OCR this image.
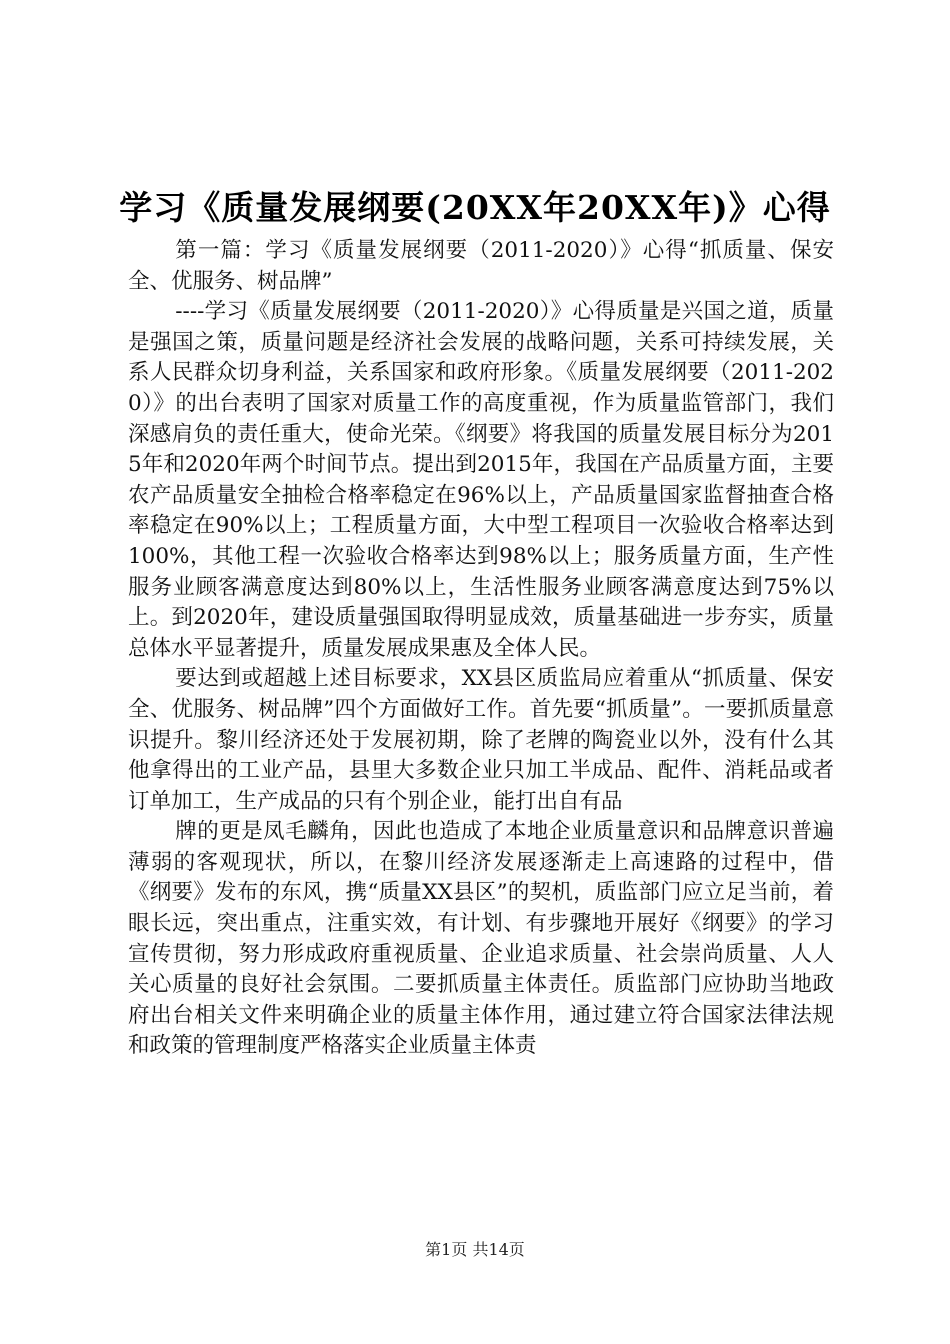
学习《质量发展纲要(20XX年20XX年)》心得

第一篇：学习《质量发展纲要（2011-2020）》心得“抓质量、保安全、优服务、树品牌”

----学习《质量发展纲要（2011-2020）》心得质量是兴国之道，质量是强国之策，质量问题是经济社会发展的战略问题，关系可持续发展，关系人民群众切身利益，关系国家和政府形象。《质量发展纲要（2011-2020）》的出台表明了国家对质量工作的高度重视，作为质量监管部门，我们深感肩负的责任重大，使命光荣。《纲要》将我国的质量发展目标分为2015年和2020年两个时间节点。提出到2015年，我国在产品质量方面，主要农产品质量安全抽检合格率稳定在96%以上，产品质量国家监督抽查合格率稳定在90%以上；工程质量方面，大中型工程项目一次验收合格率达到100%，其他工程一次验收合格率达到98%以上；服务质量方面，生产性服务业顾客满意度达到80%以上，生活性服务业顾客满意度达到75%以上。到2020年，建设质量强国取得明显成效，质量基础进一步夯实，质量总体水平显著提升，质量发展成果惠及全体人民。

要达到或超越上述目标要求，XX县区质监局应着重从“抓质量、保安全、优服务、树品牌”四个方面做好工作。首先要“抓质量”。一要抓质量意识提升。黎川经济还处于发展初期，除了老牌的陶瓷业以外，没有什么其他拿得出的工业产品，县里大多数企业只加工半成品、配件、消耗品或者订单加工，生产成品的只有个别企业，能打出自有品

牌的更是凤毛麟角，因此也造成了本地企业质量意识和品牌意识普遍薄弱的客观现状，所以，在黎川经济发展逐渐走上高速路的过程中，借《纲要》发布的东风，携“质量XX县区”的契机，质监部门应立足当前，着眼长远，突出重点，注重实效，有计划、有步骤地开展好《纲要》的学习宣传贯彻，努力形成政府重视质量、企业追求质量、社会崇尚质量、人人关心质量的良好社会氛围。二要抓质量主体责任。质监部门应协助当地政府出台相关文件来明确企业的质量主体作用，通过建立符合国家法律法规和政策的管理制度严格落实企业质量主体责

第1页 共14页
